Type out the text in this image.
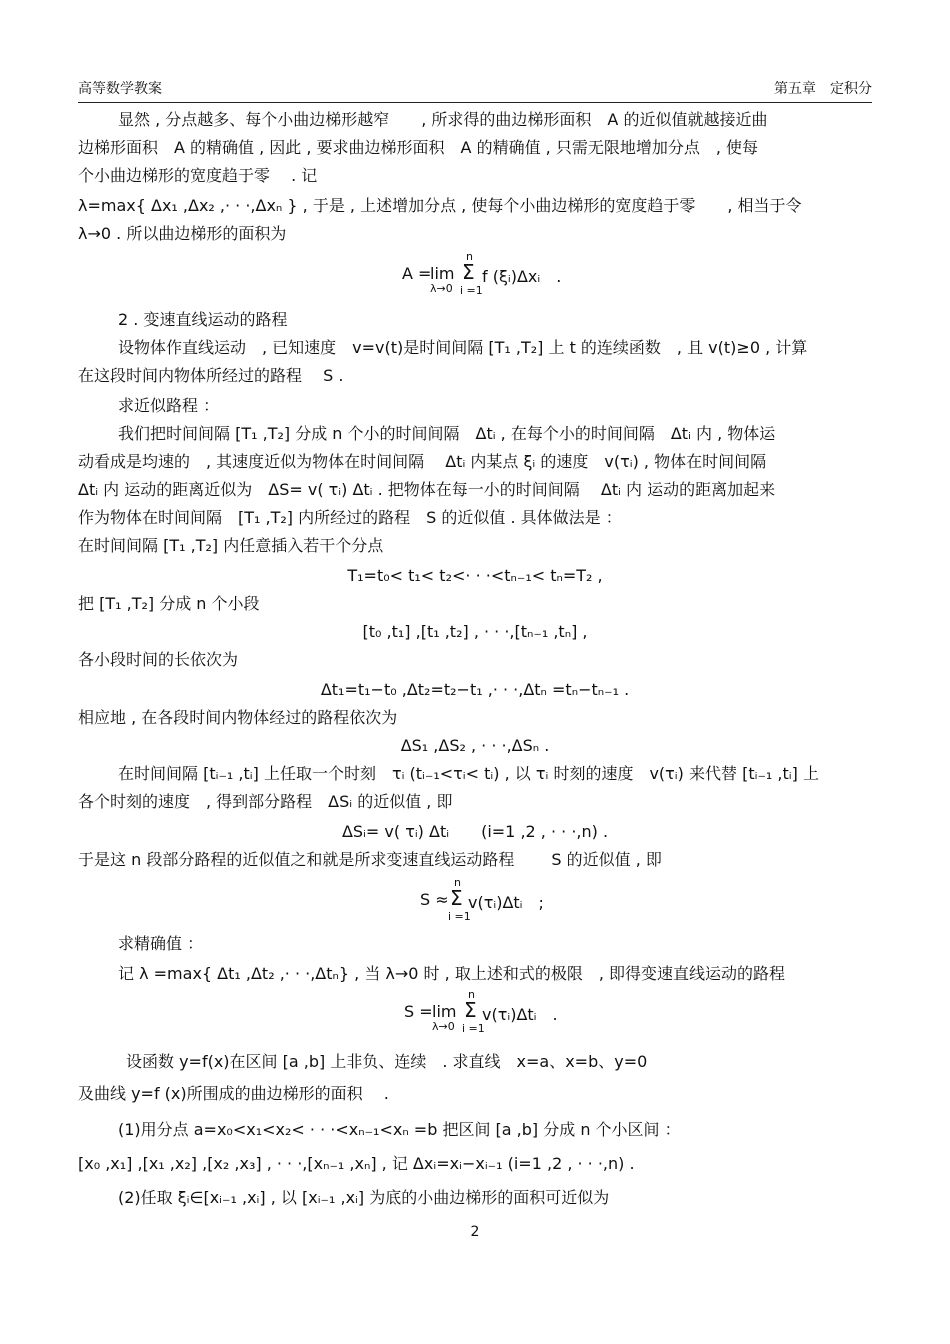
高等数学教案	第五章　定积分
显然 , 分点越多、每个小曲边梯形越窄　　, 所求得的曲边梯形面积　A 的近似值就越接近曲
边梯形面积　A 的精确值 , 因此 , 要求曲边梯形面积　A 的精确值 , 只需无限地增加分点　, 使每
个小曲边梯形的宽度趋于零　 . 记
λ=max{ Δx₁ ,Δx₂ ,· · ·,Δxₙ } , 于是 , 上述增加分点 , 使每个小曲边梯形的宽度趋于零　　, 相当于令
λ→0 . 所以曲边梯形的面积为
A =
lim
λ→0
n
Σ
i =1
f (ξᵢ)Δxᵢ　.
2 . 变速直线运动的路程
设物体作直线运动　, 已知速度　v=v(t)是时间间隔 [T₁ ,T₂] 上 t 的连续函数　, 且 v(t)≥0 , 计算
在这段时间内物体所经过的路程　 S .
求近似路程 ：
我们把时间间隔 [T₁ ,T₂] 分成 n 个小的时间间隔　Δtᵢ , 在每个小的时间间隔　Δtᵢ 内 , 物体运
动看成是均速的　, 其速度近似为物体在时间间隔　 Δtᵢ 内某点 ξᵢ 的速度　v(τᵢ) , 物体在时间间隔
Δtᵢ 内 运动的距离近似为　ΔS= v( τᵢ) Δtᵢ . 把物体在每一小的时间间隔　 Δtᵢ 内 运动的距离加起来
作为物体在时间间隔　[T₁ ,T₂] 内所经过的路程　S 的近似值 . 具体做法是 ：
在时间间隔 [T₁ ,T₂] 内任意插入若干个分点
T₁=t₀< t₁< t₂<· · ·<tₙ₋₁< tₙ=T₂ ,
把 [T₁ ,T₂] 分成 n 个小段
[t₀ ,t₁] ,[t₁ ,t₂] , · · ·,[tₙ₋₁ ,tₙ] ,
各小段时间的长依次为
Δt₁=t₁−t₀ ,Δt₂=t₂−t₁ ,· · ·,Δtₙ =tₙ−tₙ₋₁ .
相应地 , 在各段时间内物体经过的路程依次为
ΔS₁ ,ΔS₂ , · · ·,ΔSₙ .
在时间间隔 [tᵢ₋₁ ,tᵢ] 上任取一个时刻　τᵢ (tᵢ₋₁<τᵢ< tᵢ) , 以 τᵢ 时刻的速度　v(τᵢ) 来代替 [tᵢ₋₁ ,tᵢ] 上
各个时刻的速度　, 得到部分路程　ΔSᵢ 的近似值 , 即
ΔSᵢ= v( τᵢ) Δtᵢ　　(i=1 ,2 , · · ·,n) .
于是这 n 段部分路程的近似值之和就是所求变速直线运动路程　　 S 的近似值 , 即
S ≈
n
Σ
i =1
v(τᵢ)Δtᵢ　;
求精确值 ：
记 λ =max{ Δt₁ ,Δt₂ ,· · ·,Δtₙ} , 当 λ→0 时 , 取上述和式的极限　, 即得变速直线运动的路程
S = lim
λ→0
n
Σ
i =1
v(τᵢ)Δtᵢ　.
设函数 y=f(x)在区间 [a ,b] 上非负、连续　. 求直线　x=a、x=b、y=0
及曲线 y=f (x)所围成的曲边梯形的面积　 .
(1)用分点 a=x₀<x₁<x₂< · · ·<xₙ₋₁<xₙ =b 把区间 [a ,b] 分成 n 个小区间 ：
[x₀ ,x₁] ,[x₁ ,x₂] ,[x₂ ,x₃] , · · ·,[xₙ₋₁ ,xₙ] , 记 Δxᵢ=xᵢ−xᵢ₋₁ (i=1 ,2 , · · ·,n) .
(2)任取 ξᵢ∈[xᵢ₋₁ ,xᵢ] , 以 [xᵢ₋₁ ,xᵢ] 为底的小曲边梯形的面积可近似为
2
